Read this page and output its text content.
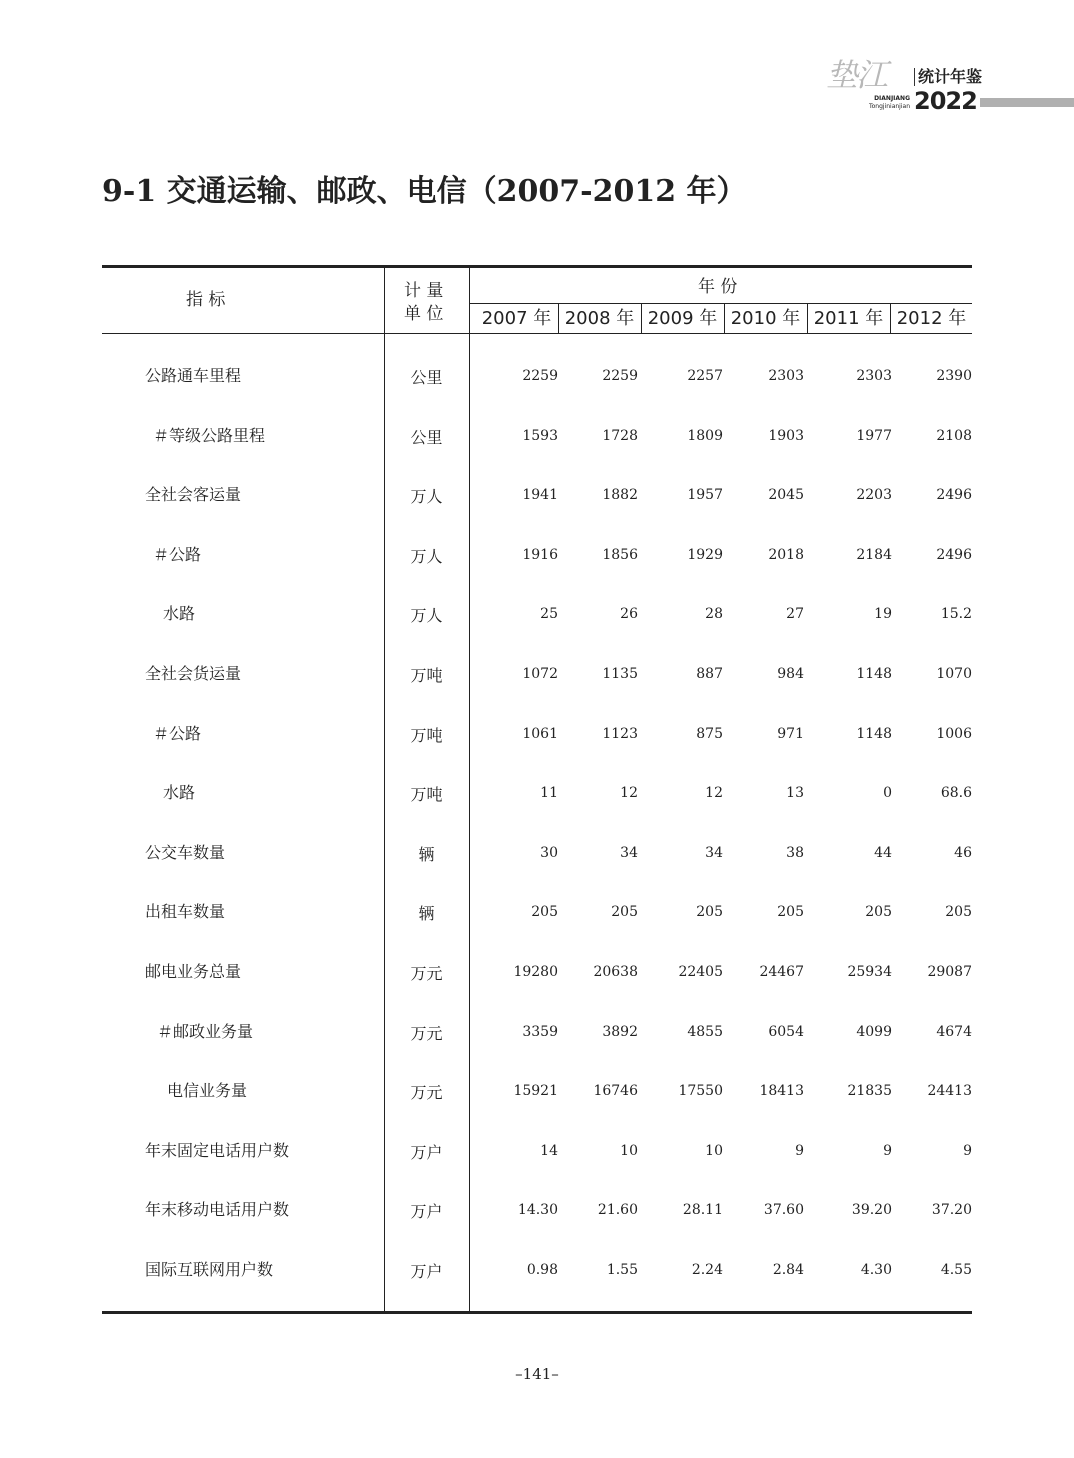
垫江
DIANJIANG
Tongjinianjian
统计年鉴
2022
9-1 交通运输、邮政、电信（2007-2012 年）
指 标	计 量
单 位
年 份
2007 年 2008 年 2009 年 2010 年 2011 年 2012 年
公路通车里程	公里	2259	2259	2257	2303	2303	2390
＃等级公路里程	公里	1593	1728	1809	1903	1977	2108
全社会客运量	万人	1941	1882	1957	2045	2203	2496
＃公路	万人	1916	1856	1929	2018	2184	2496
水路	万人	25	26	28	27	19	15.2
全社会货运量	万吨	1072	1135	887	984	1148	1070
＃公路	万吨	1061	1123	875	971	1148	1006
水路	万吨	11	12	12	13	0	68.6
公交车数量	辆	30	34	34	38	44	46
出租车数量	辆	205	205	205	205	205	205
邮电业务总量	万元	19280	20638	22405	24467	25934	29087
＃邮政业务量	万元	3359	3892	4855	6054	4099	4674
电信业务量	万元	15921	16746	17550	18413	21835	24413
年末固定电话用户数	万户	14	10	10	9	9	9
年末移动电话用户数	万户	14.30	21.60	28.11	37.60	39.20	37.20
国际互联网用户数	万户	0.98	1.55	2.24	2.84	4.30	4.55
–141–
